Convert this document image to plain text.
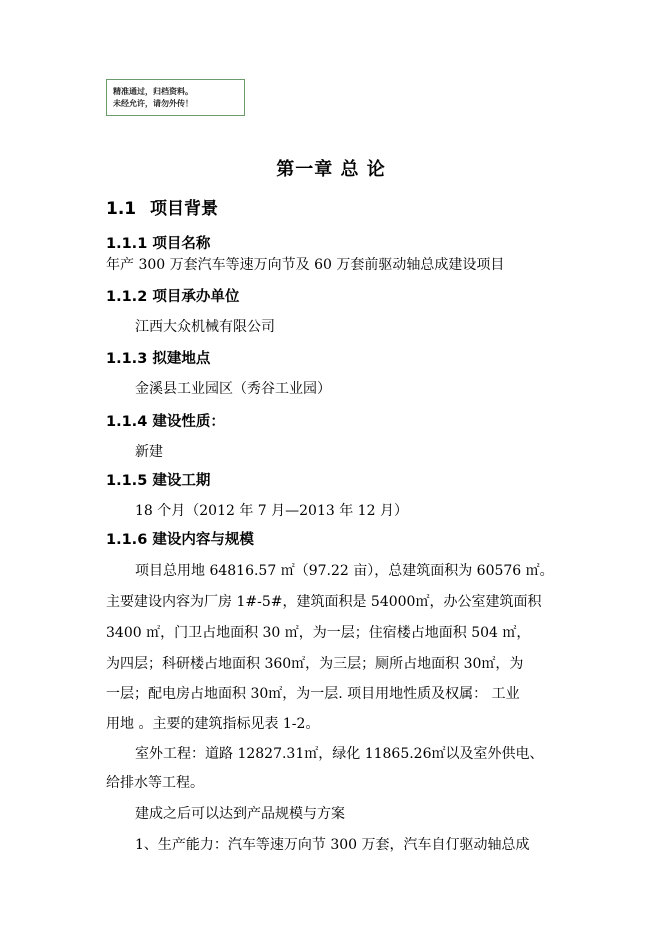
精准通过，归档资料。
未经允许，请勿外传！
第一章 总 论
1.1 项目背景
1.1.1 项目名称
年产 300 万套汽车等速万向节及 60 万套前驱动轴总成建设项目
1.1.2 项目承办单位
江西大众机械有限公司
1.1.3 拟建地点
金溪县工业园区（秀谷工业园）
1.1.4 建设性质：
新建
1.1.5 建设工期
18 个月（2012 年 7 月—2013 年 12 月）
1.1.6 建设内容与规模
项目总用地 64816.57 ㎡（97.22 亩），总建筑面积为 60576 ㎡。
主要建设内容为厂房 1#-5#，建筑面积是 54000㎡，办公室建筑面积
3400 ㎡，门卫占地面积 30 ㎡，为一层；住宿楼占地面积 504 ㎡，
为四层；科研楼占地面积 360㎡，为三层；厕所占地面积 30㎡，为
一层；配电房占地面积 30㎡，为一层. 项目用地性质及权属： 工业
用地 。主要的建筑指标见表 1-2。
室外工程：道路 12827.31㎡，绿化 11865.26㎡以及室外供电、
给排水等工程。
建成之后可以达到产品规模与方案
1、生产能力：汽车等速万向节 300 万套，汽车自仃驱动轴总成
